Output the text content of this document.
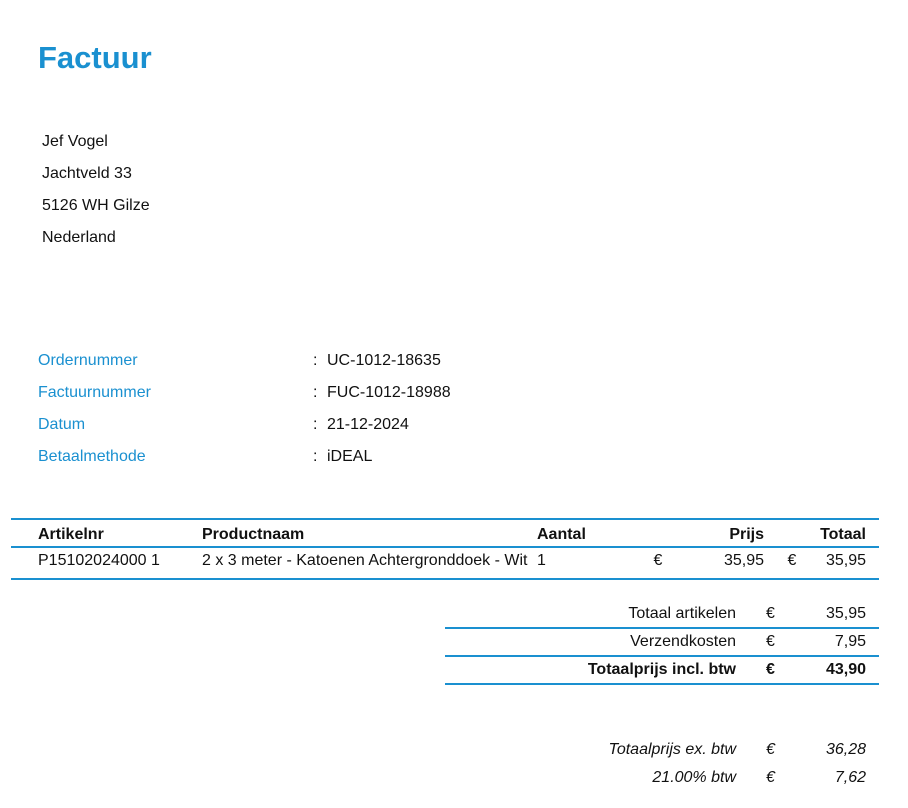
Factuur
Jef Vogel
Jachtveld 33
5126 WH Gilze
Nederland
Ordernummer	: UC-1012-18635
Factuurnummer	: FUC-1012-18988
Datum	: 21-12-2024
Betaalmethode	: iDEAL
Artikelnr	Productnaam	Aantal		Prijs		Totaal
P15102024000 1	2 x 3 meter - Katoenen Achtergronddoek - Wit	1	€	35,95	€	35,95
Totaal artikelen	€	35,95
Verzendkosten	€	7,95
Totaalprijs incl. btw	€	43,90
Totaalprijs ex. btw	€	36,28
21.00% btw	€	7,62
